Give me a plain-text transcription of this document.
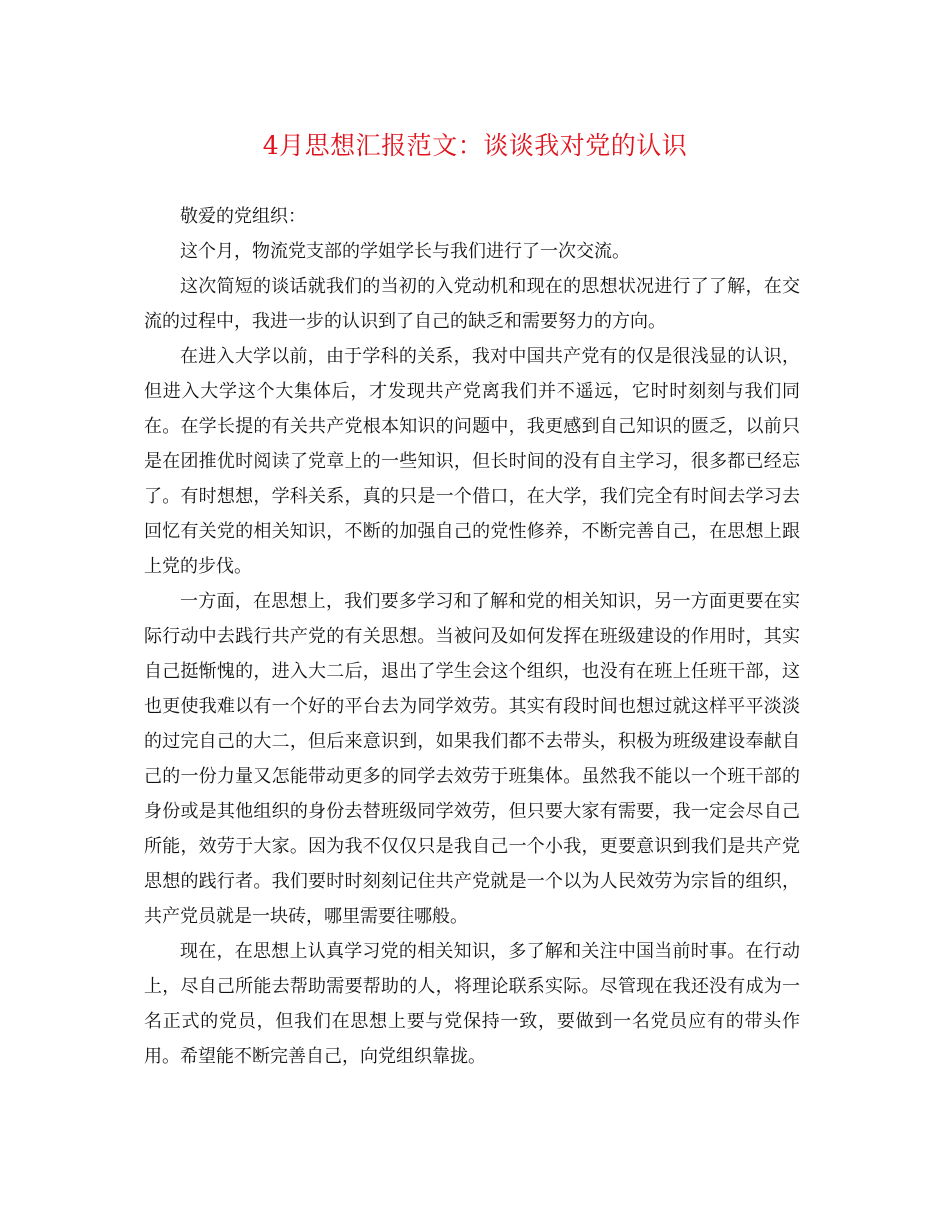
4月思想汇报范文：谈谈我对党的认识

敬爱的党组织：

这个月，物流党支部的学姐学长与我们进行了一次交流。

这次简短的谈话就我们的当初的入党动机和现在的思想状况进行了了解，在交流的过程中，我进一步的认识到了自己的缺乏和需要努力的方向。

在进入大学以前，由于学科的关系，我对中国共产党有的仅是很浅显的认识，但进入大学这个大集体后，才发现共产党离我们并不遥远，它时时刻刻与我们同在。在学长提的有关共产党根本知识的问题中，我更感到自己知识的匮乏，以前只是在团推优时阅读了党章上的一些知识，但长时间的没有自主学习，很多都已经忘了。有时想想，学科关系，真的只是一个借口，在大学，我们完全有时间去学习去回忆有关党的相关知识，不断的加强自己的党性修养，不断完善自己，在思想上跟上党的步伐。

一方面，在思想上，我们要多学习和了解和党的相关知识，另一方面更要在实际行动中去践行共产党的有关思想。当被问及如何发挥在班级建设的作用时，其实自己挺惭愧的，进入大二后，退出了学生会这个组织，也没有在班上任班干部，这也更使我难以有一个好的平台去为同学效劳。其实有段时间也想过就这样平平淡淡的过完自己的大二，但后来意识到，如果我们都不去带头，积极为班级建设奉献自己的一份力量又怎能带动更多的同学去效劳于班集体。虽然我不能以一个班干部的身份或是其他组织的身份去替班级同学效劳，但只要大家有需要，我一定会尽自己所能，效劳于大家。因为我不仅仅只是我自己一个小我，更要意识到我们是共产党思想的践行者。我们要时时刻刻记住共产党就是一个以为人民效劳为宗旨的组织，共产党员就是一块砖，哪里需要往哪般。

现在，在思想上认真学习党的相关知识，多了解和关注中国当前时事。在行动上，尽自己所能去帮助需要帮助的人，将理论联系实际。尽管现在我还没有成为一名正式的党员，但我们在思想上要与党保持一致，要做到一名党员应有的带头作用。希望能不断完善自己，向党组织靠拢。
